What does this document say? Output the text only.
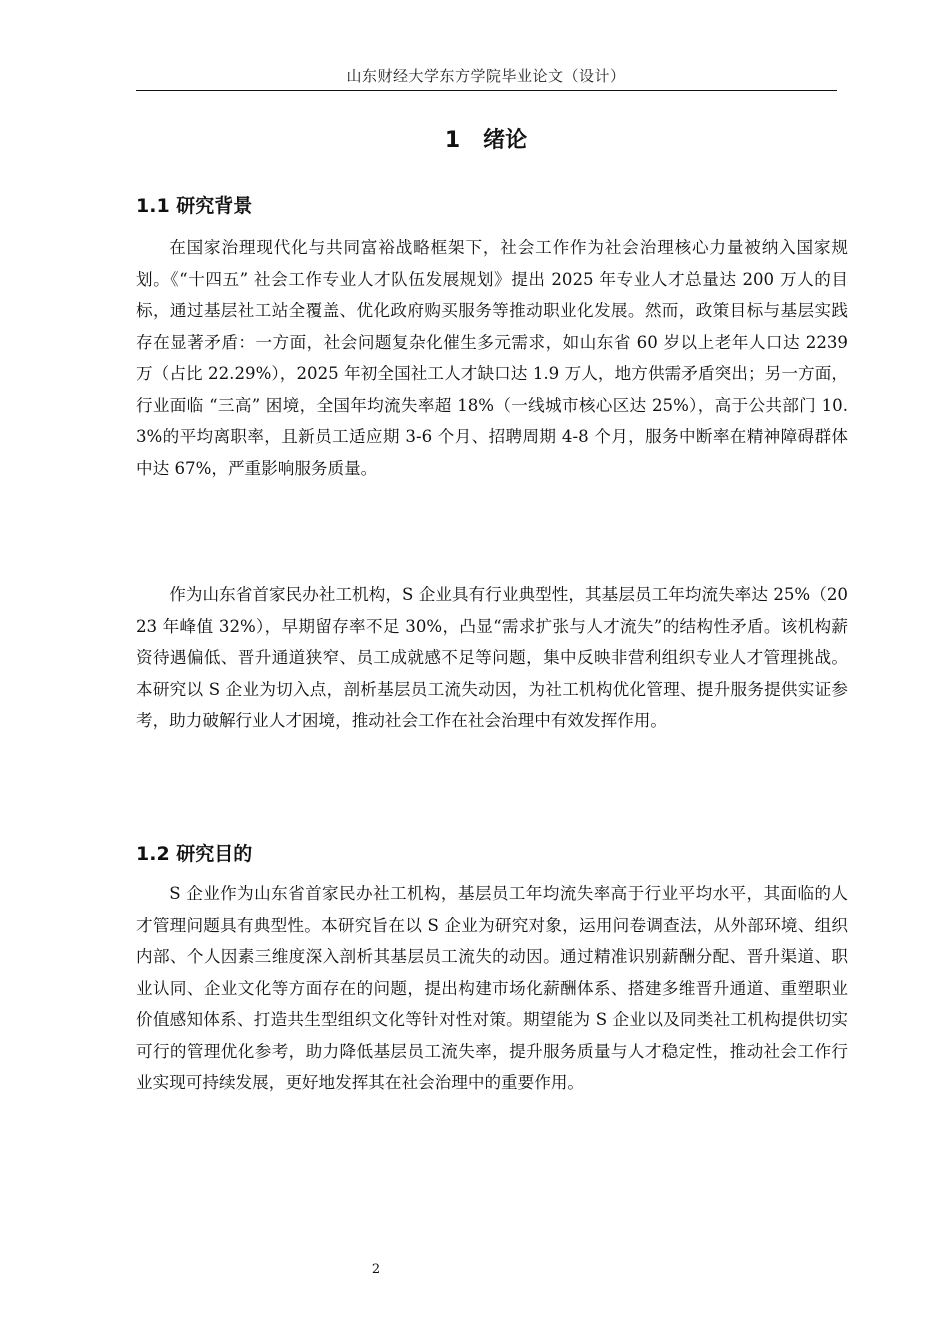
山东财经大学东方学院毕业论文（设计）
1   绪论
1.1 研究背景

在国家治理现代化与共同富裕战略框架下，社会工作作为社会治理核心力量被纳入国家规划。《“十四五” 社会工作专业人才队伍发展规划》提出 2025 年专业人才总量达 200 万人的目标，通过基层社工站全覆盖、优化政府购买服务等推动职业化发展。然而，政策目标与基层实践存在显著矛盾：一方面，社会问题复杂化催生多元需求，如山东省 60 岁以上老年人口达 2239 万（占比 22.29%），2025 年初全国社工人才缺口达 1.9 万人，地方供需矛盾突出；另一方面，行业面临 “三高” 困境，全国年均流失率超 18%（一线城市核心区达 25%），高于公共部门 10.3%的平均离职率，且新员工适应期 3-6 个月、招聘周期 4-8 个月，服务中断率在精神障碍群体中达 67%，严重影响服务质量。

作为山东省首家民办社工机构，S 企业具有行业典型性，其基层员工年均流失率达 25%（2023 年峰值 32%），早期留存率不足 30%，凸显“需求扩张与人才流失”的结构性矛盾。该机构薪资待遇偏低、晋升通道狭窄、员工成就感不足等问题，集中反映非营利组织专业人才管理挑战。本研究以 S 企业为切入点，剖析基层员工流失动因，为社工机构优化管理、提升服务提供实证参考，助力破解行业人才困境，推动社会工作在社会治理中有效发挥作用。

1.2 研究目的

S 企业作为山东省首家民办社工机构，基层员工年均流失率高于行业平均水平，其面临的人才管理问题具有典型性。本研究旨在以 S 企业为研究对象，运用问卷调查法，从外部环境、组织内部、个人因素三维度深入剖析其基层员工流失的动因。通过精准识别薪酬分配、晋升渠道、职业认同、企业文化等方面存在的问题，提出构建市场化薪酬体系、搭建多维晋升通道、重塑职业价值感知体系、打造共生型组织文化等针对性对策。期望能为 S 企业以及同类社工机构提供切实可行的管理优化参考，助力降低基层员工流失率，提升服务质量与人才稳定性，推动社会工作行业实现可持续发展，更好地发挥其在社会治理中的重要作用。

2
